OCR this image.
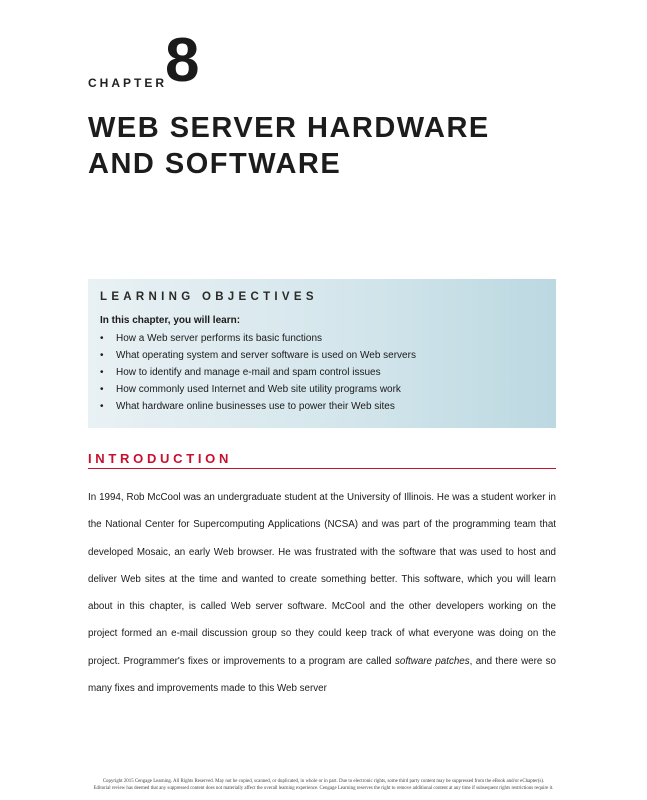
CHAPTER
8
WEB SERVER HARDWARE
AND SOFTWARE
LEARNING OBJECTIVES

In this chapter, you will learn:

• How a Web server performs its basic functions
• What operating system and server software is used on Web servers
• How to identify and manage e-mail and spam control issues
• How commonly used Internet and Web site utility programs work
• What hardware online businesses use to power their Web sites
INTRODUCTION

In 1994, Rob McCool was an undergraduate student at the University of Illinois. He was a student worker in the National Center for Supercomputing Applications (NCSA) and was part of the programming team that developed Mosaic, an early Web browser. He was frustrated with the software that was used to host and deliver Web sites at the time and wanted to create something better. This software, which you will learn about in this chapter, is called Web server software. McCool and the other developers working on the project formed an e-mail discussion group so they could keep track of what everyone was doing on the project. Programmer's fixes or improvements to a program are called software patches, and there were so many fixes and improvements made to this Web server

Copyright 2015 Cengage Learning. All Rights Reserved. May not be copied, scanned, or duplicated, in whole or in part. Due to electronic rights, some third party content may be suppressed from the eBook and/or eChapter(s).
Editorial review has deemed that any suppressed content does not materially affect the overall learning experience. Cengage Learning reserves the right to remove additional content at any time if subsequent rights restrictions require it.
